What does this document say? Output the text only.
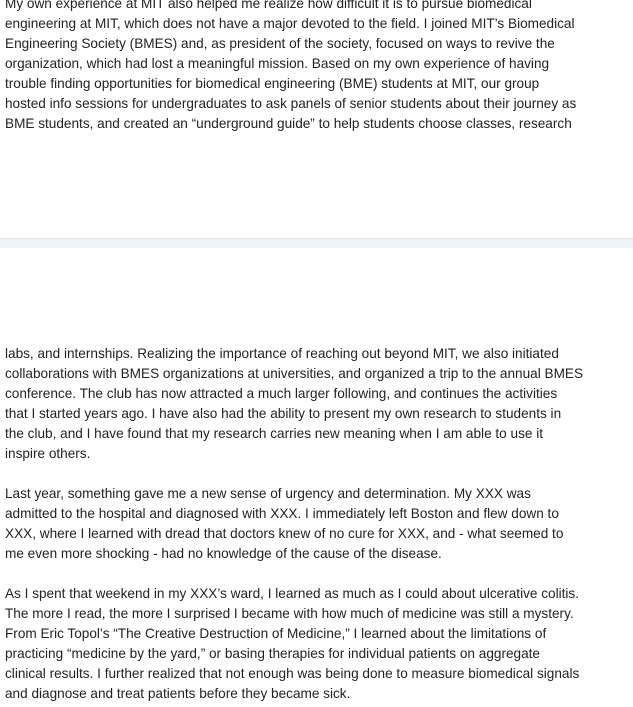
My own experience at MIT also helped me realize how difficult it is to pursue biomedical
engineering at MIT, which does not have a major devoted to the field. I joined MIT’s Biomedical
Engineering Society (BMES) and, as president of the society, focused on ways to revive the
organization, which had lost a meaningful mission. Based on my own experience of having
trouble finding opportunities for biomedical engineering (BME) students at MIT, our group
hosted info sessions for undergraduates to ask panels of senior students about their journey as
BME students, and created an “underground guide” to help students choose classes, research
labs, and internships. Realizing the importance of reaching out beyond MIT, we also initiated
collaborations with BMES organizations at universities, and organized a trip to the annual BMES
conference. The club has now attracted a much larger following, and continues the activities
that I started years ago. I have also had the ability to present my own research to students in
the club, and I have found that my research carries new meaning when I am able to use it
inspire others.
Last year, something gave me a new sense of urgency and determination. My XXX was
admitted to the hospital and diagnosed with XXX. I immediately left Boston and flew down to
XXX, where I learned with dread that doctors knew of no cure for XXX, and - what seemed to
me even more shocking - had no knowledge of the cause of the disease.
As I spent that weekend in my XXX’s ward, I learned as much as I could about ulcerative colitis.
The more I read, the more I surprised I became with how much of medicine was still a mystery.
From Eric Topol’s “The Creative Destruction of Medicine,” I learned about the limitations of
practicing “medicine by the yard,” or basing therapies for individual patients on aggregate
clinical results. I further realized that not enough was being done to measure biomedical signals
and diagnose and treat patients before they became sick.
